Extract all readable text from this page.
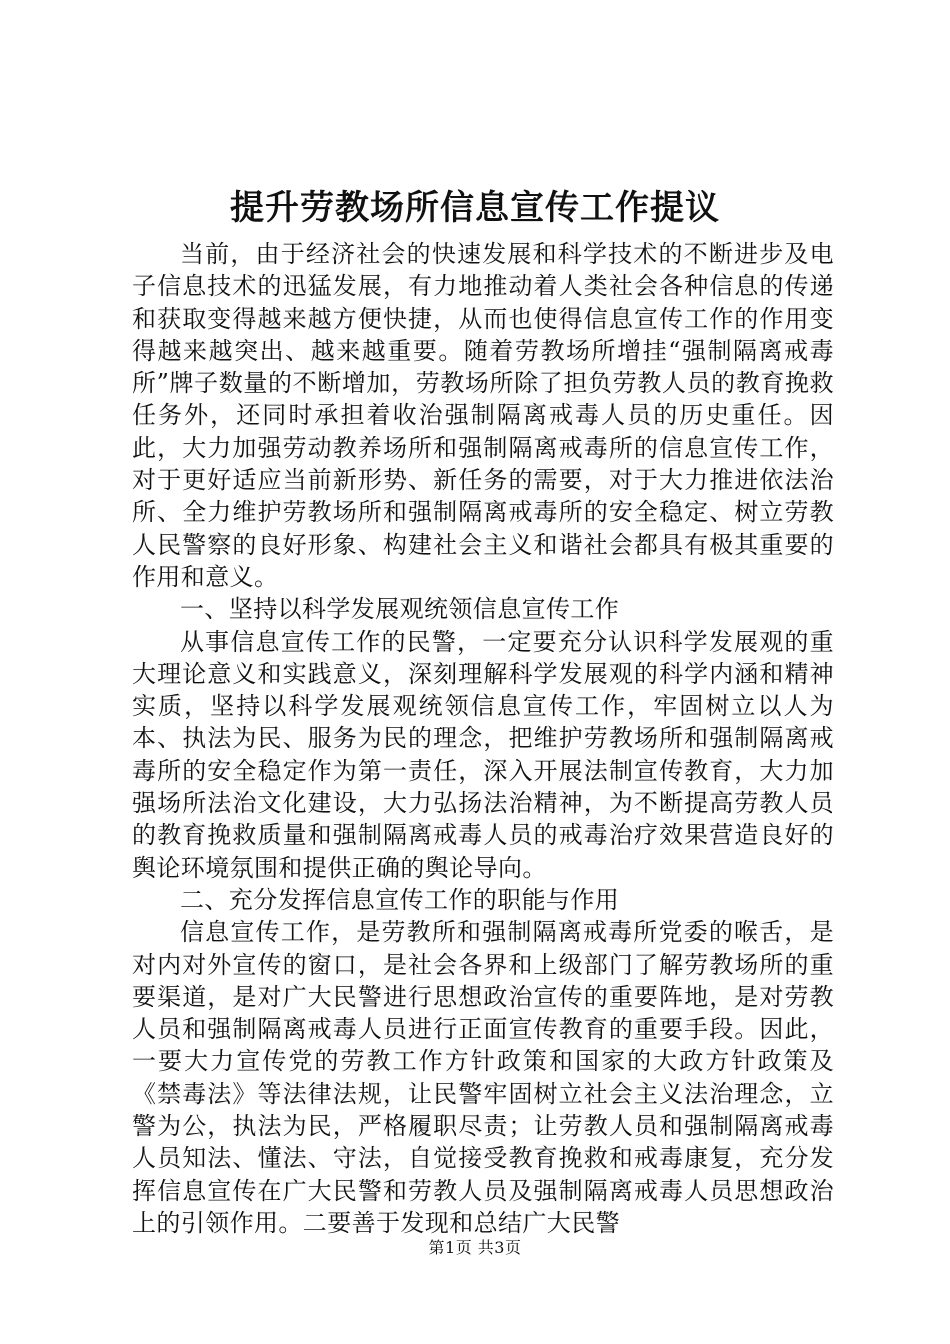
提升劳教场所信息宣传工作提议

当前，由于经济社会的快速发展和科学技术的不断进步及电子信息技术的迅猛发展，有力地推动着人类社会各种信息的传递和获取变得越来越方便快捷，从而也使得信息宣传工作的作用变得越来越突出、越来越重要。随着劳教场所增挂“强制隔离戒毒所”牌子数量的不断增加，劳教场所除了担负劳教人员的教育挽救任务外，还同时承担着收治强制隔离戒毒人员的历史重任。因此，大力加强劳动教养场所和强制隔离戒毒所的信息宣传工作，对于更好适应当前新形势、新任务的需要，对于大力推进依法治所、全力维护劳教场所和强制隔离戒毒所的安全稳定、树立劳教人民警察的良好形象、构建社会主义和谐社会都具有极其重要的作用和意义。

一、坚持以科学发展观统领信息宣传工作

从事信息宣传工作的民警，一定要充分认识科学发展观的重大理论意义和实践意义，深刻理解科学发展观的科学内涵和精神实质，坚持以科学发展观统领信息宣传工作，牢固树立以人为本、执法为民、服务为民的理念，把维护劳教场所和强制隔离戒毒所的安全稳定作为第一责任，深入开展法制宣传教育，大力加强场所法治文化建设，大力弘扬法治精神，为不断提高劳教人员的教育挽救质量和强制隔离戒毒人员的戒毒治疗效果营造良好的舆论环境氛围和提供正确的舆论导向。

二、充分发挥信息宣传工作的职能与作用

信息宣传工作，是劳教所和强制隔离戒毒所党委的喉舌，是对内对外宣传的窗口，是社会各界和上级部门了解劳教场所的重要渠道，是对广大民警进行思想政治宣传的重要阵地，是对劳教人员和强制隔离戒毒人员进行正面宣传教育的重要手段。因此，一要大力宣传党的劳教工作方针政策和国家的大政方针政策及《禁毒法》等法律法规，让民警牢固树立社会主义法治理念，立警为公，执法为民，严格履职尽责；让劳教人员和强制隔离戒毒人员知法、懂法、守法，自觉接受教育挽救和戒毒康复，充分发挥信息宣传在广大民警和劳教人员及强制隔离戒毒人员思想政治上的引领作用。二要善于发现和总结广大民警

第1页 共3页
